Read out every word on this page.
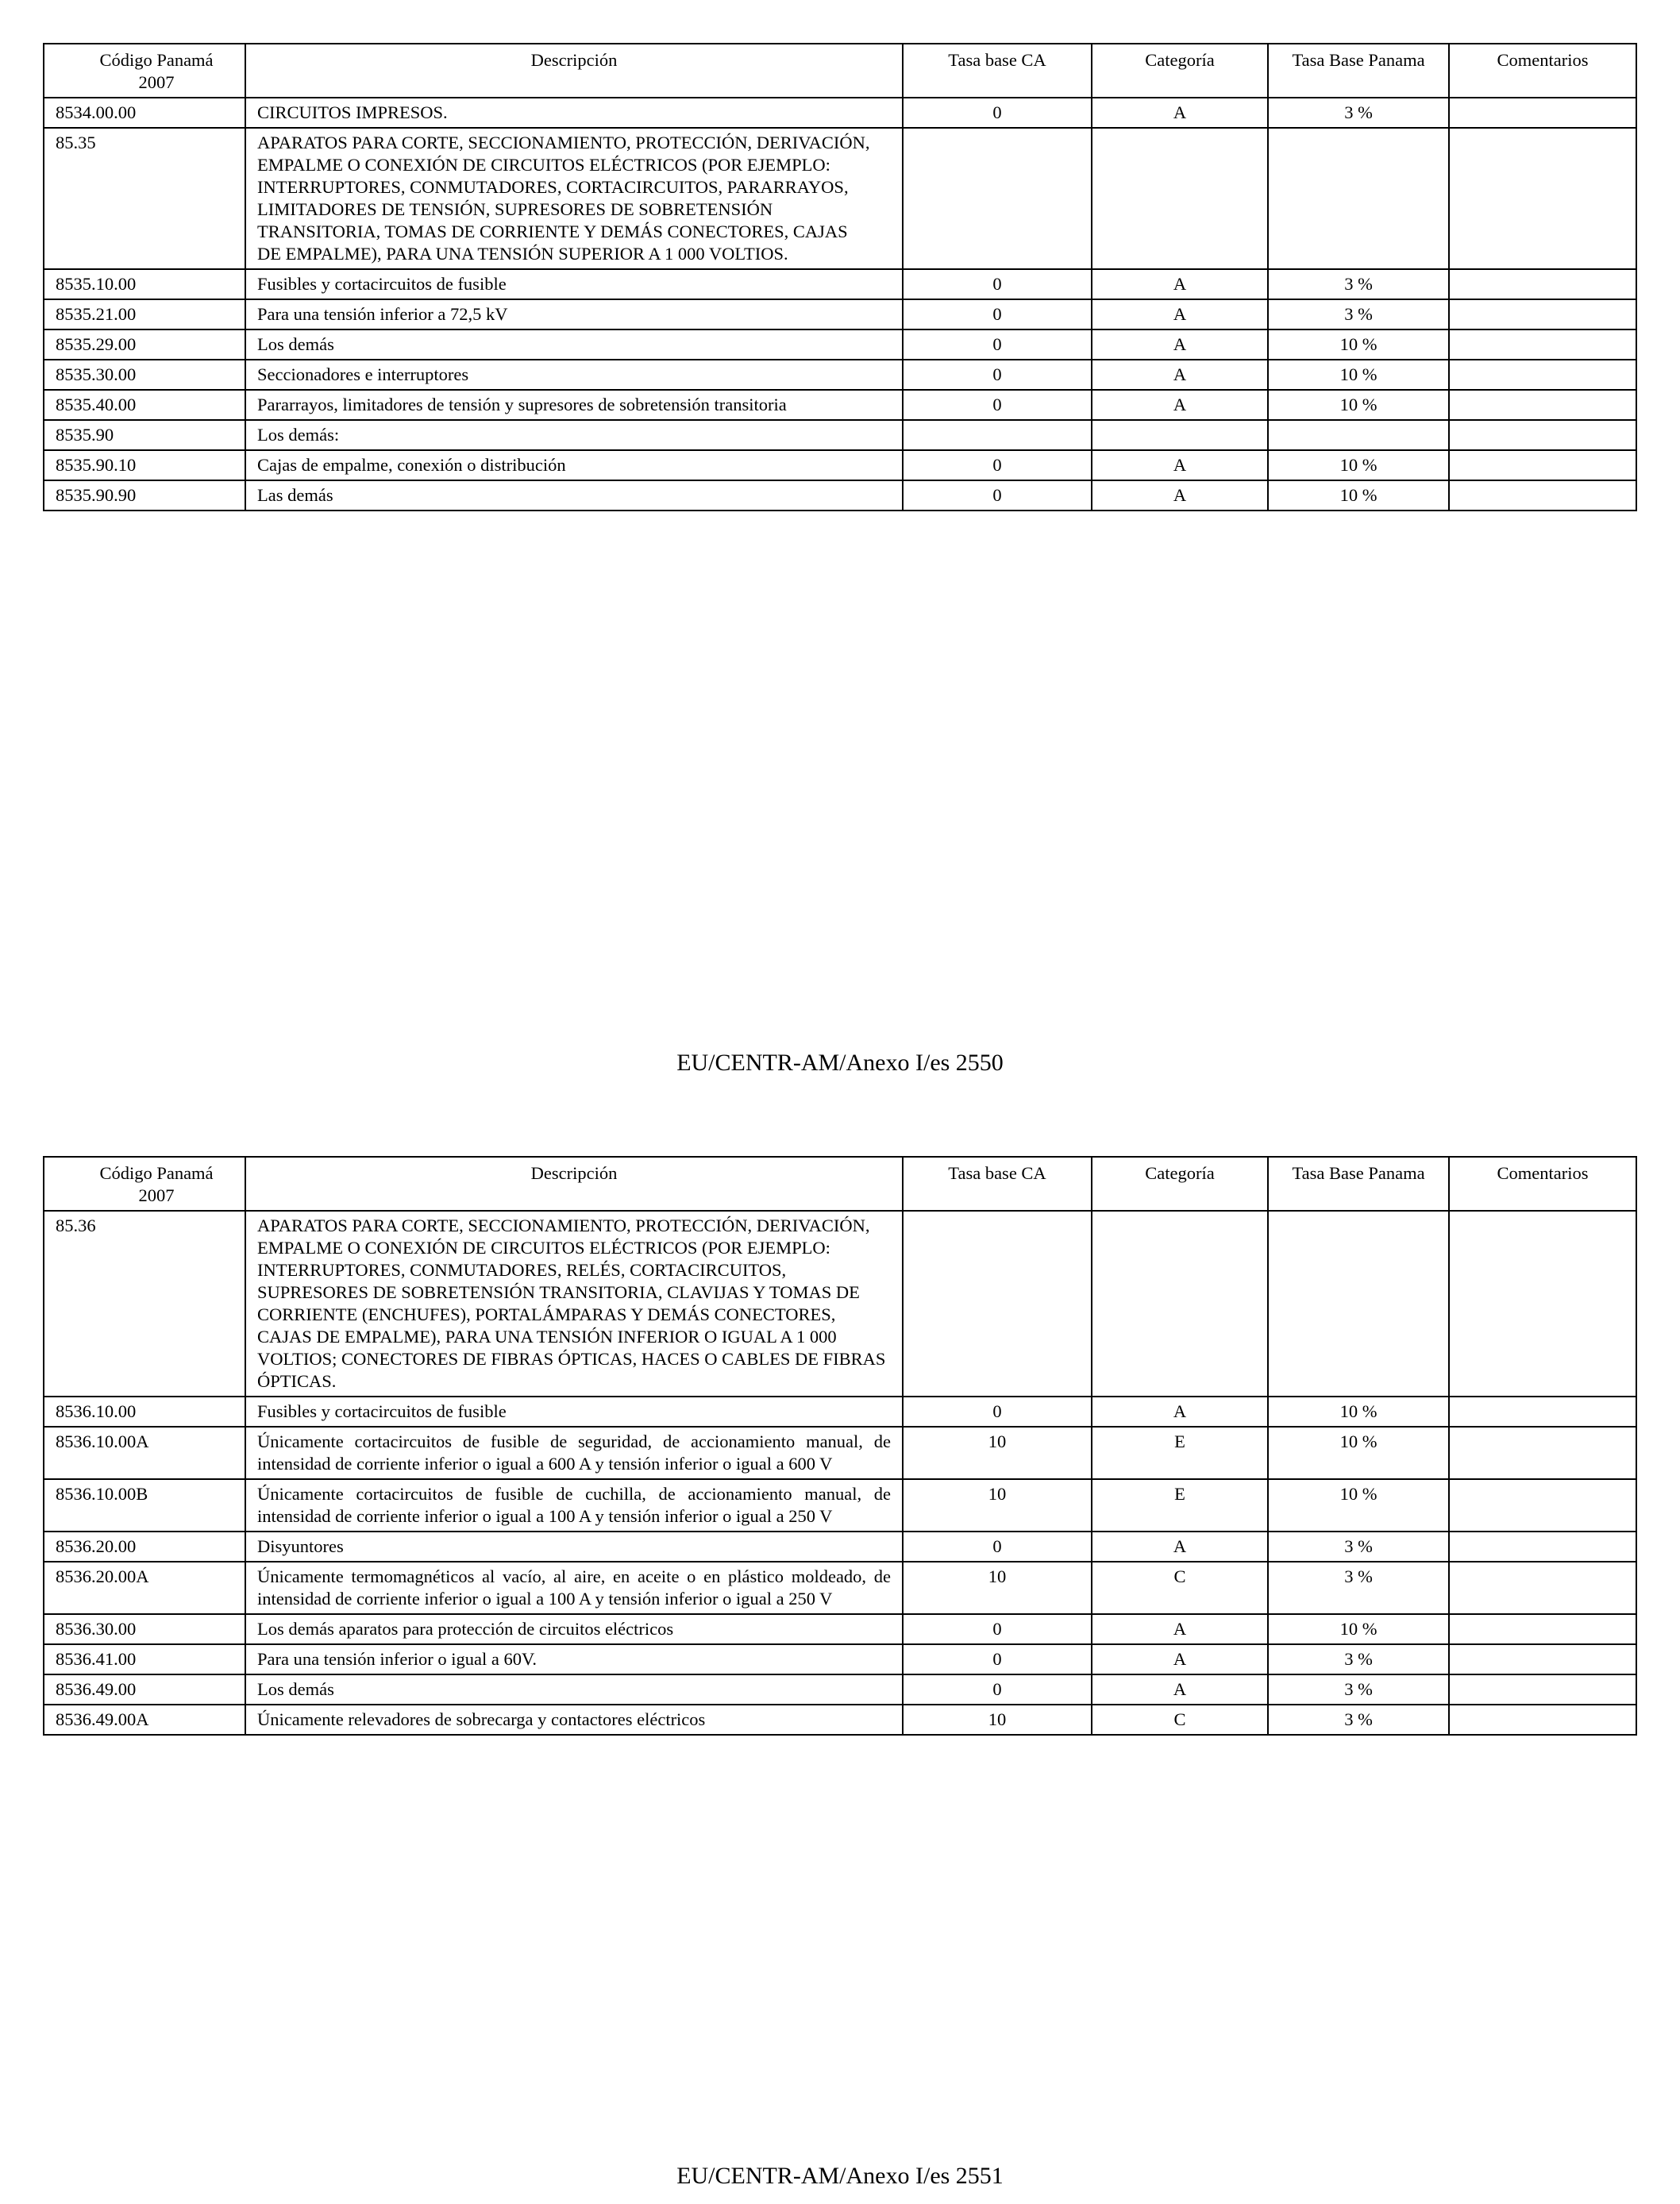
Código Panamá 2007	Descripción	Tasa base CA	Categoría	Tasa Base Panama	Comentarios
8534.00.00	CIRCUITOS IMPRESOS.	0	A	3 %	
85.35	APARATOS PARA CORTE, SECCIONAMIENTO, PROTECCIÓN, DERIVACIÓN, EMPALME O CONEXIÓN DE CIRCUITOS ELÉCTRICOS (POR EJEMPLO: INTERRUPTORES, CONMUTADORES, CORTACIRCUITOS, PARARRAYOS, LIMITADORES DE TENSIÓN, SUPRESORES DE SOBRETENSIÓN TRANSITORIA, TOMAS DE CORRIENTE Y DEMÁS CONECTORES, CAJAS DE EMPALME), PARA UNA TENSIÓN SUPERIOR A 1 000 VOLTIOS.				
8535.10.00	Fusibles y cortacircuitos de fusible	0	A	3 %	
8535.21.00	Para una tensión inferior a 72,5 kV	0	A	3 %	
8535.29.00	Los demás	0	A	10 %	
8535.30.00	Seccionadores e interruptores	0	A	10 %	
8535.40.00	Pararrayos, limitadores de tensión y supresores de sobretensión transitoria	0	A	10 %	
8535.90	Los demás:				
8535.90.10	Cajas de empalme, conexión o distribución	0	A	10 %	
8535.90.90	Las demás	0	A	10 %	
EU/CENTR-AM/Anexo I/es 2550
Código Panamá 2007	Descripción	Tasa base CA	Categoría	Tasa Base Panama	Comentarios
85.36	APARATOS PARA CORTE, SECCIONAMIENTO, PROTECCIÓN, DERIVACIÓN, EMPALME O CONEXIÓN DE CIRCUITOS ELÉCTRICOS (POR EJEMPLO: INTERRUPTORES, CONMUTADORES, RELÉS, CORTACIRCUITOS, SUPRESORES DE SOBRETENSIÓN TRANSITORIA, CLAVIJAS Y TOMAS DE CORRIENTE (ENCHUFES), PORTALÁMPARAS Y DEMÁS CONECTORES, CAJAS DE EMPALME), PARA UNA TENSIÓN INFERIOR O IGUAL A 1 000 VOLTIOS; CONECTORES DE FIBRAS ÓPTICAS, HACES O CABLES DE FIBRAS ÓPTICAS.				
8536.10.00	Fusibles y cortacircuitos de fusible	0	A	10 %	
8536.10.00A	Únicamente cortacircuitos de fusible de seguridad, de accionamiento manual, de intensidad de corriente inferior o igual a 600 A y tensión inferior o igual a 600 V	10	E	10 %	
8536.10.00B	Únicamente cortacircuitos de fusible de cuchilla, de accionamiento manual, de intensidad de corriente inferior o igual a 100 A y tensión inferior o igual a 250 V	10	E	10 %	
8536.20.00	Disyuntores	0	A	3 %	
8536.20.00A	Únicamente termomagnéticos al vacío, al aire, en aceite o en plástico moldeado, de intensidad de corriente inferior o igual a 100 A y tensión inferior o igual a 250 V	10	C	3 %	
8536.30.00	Los demás aparatos para protección de circuitos eléctricos	0	A	10 %	
8536.41.00	Para una tensión inferior o igual a 60V.	0	A	3 %	
8536.49.00	Los demás	0	A	3 %	
8536.49.00A	Únicamente relevadores de sobrecarga y contactores eléctricos	10	C	3 %	
EU/CENTR-AM/Anexo I/es 2551
